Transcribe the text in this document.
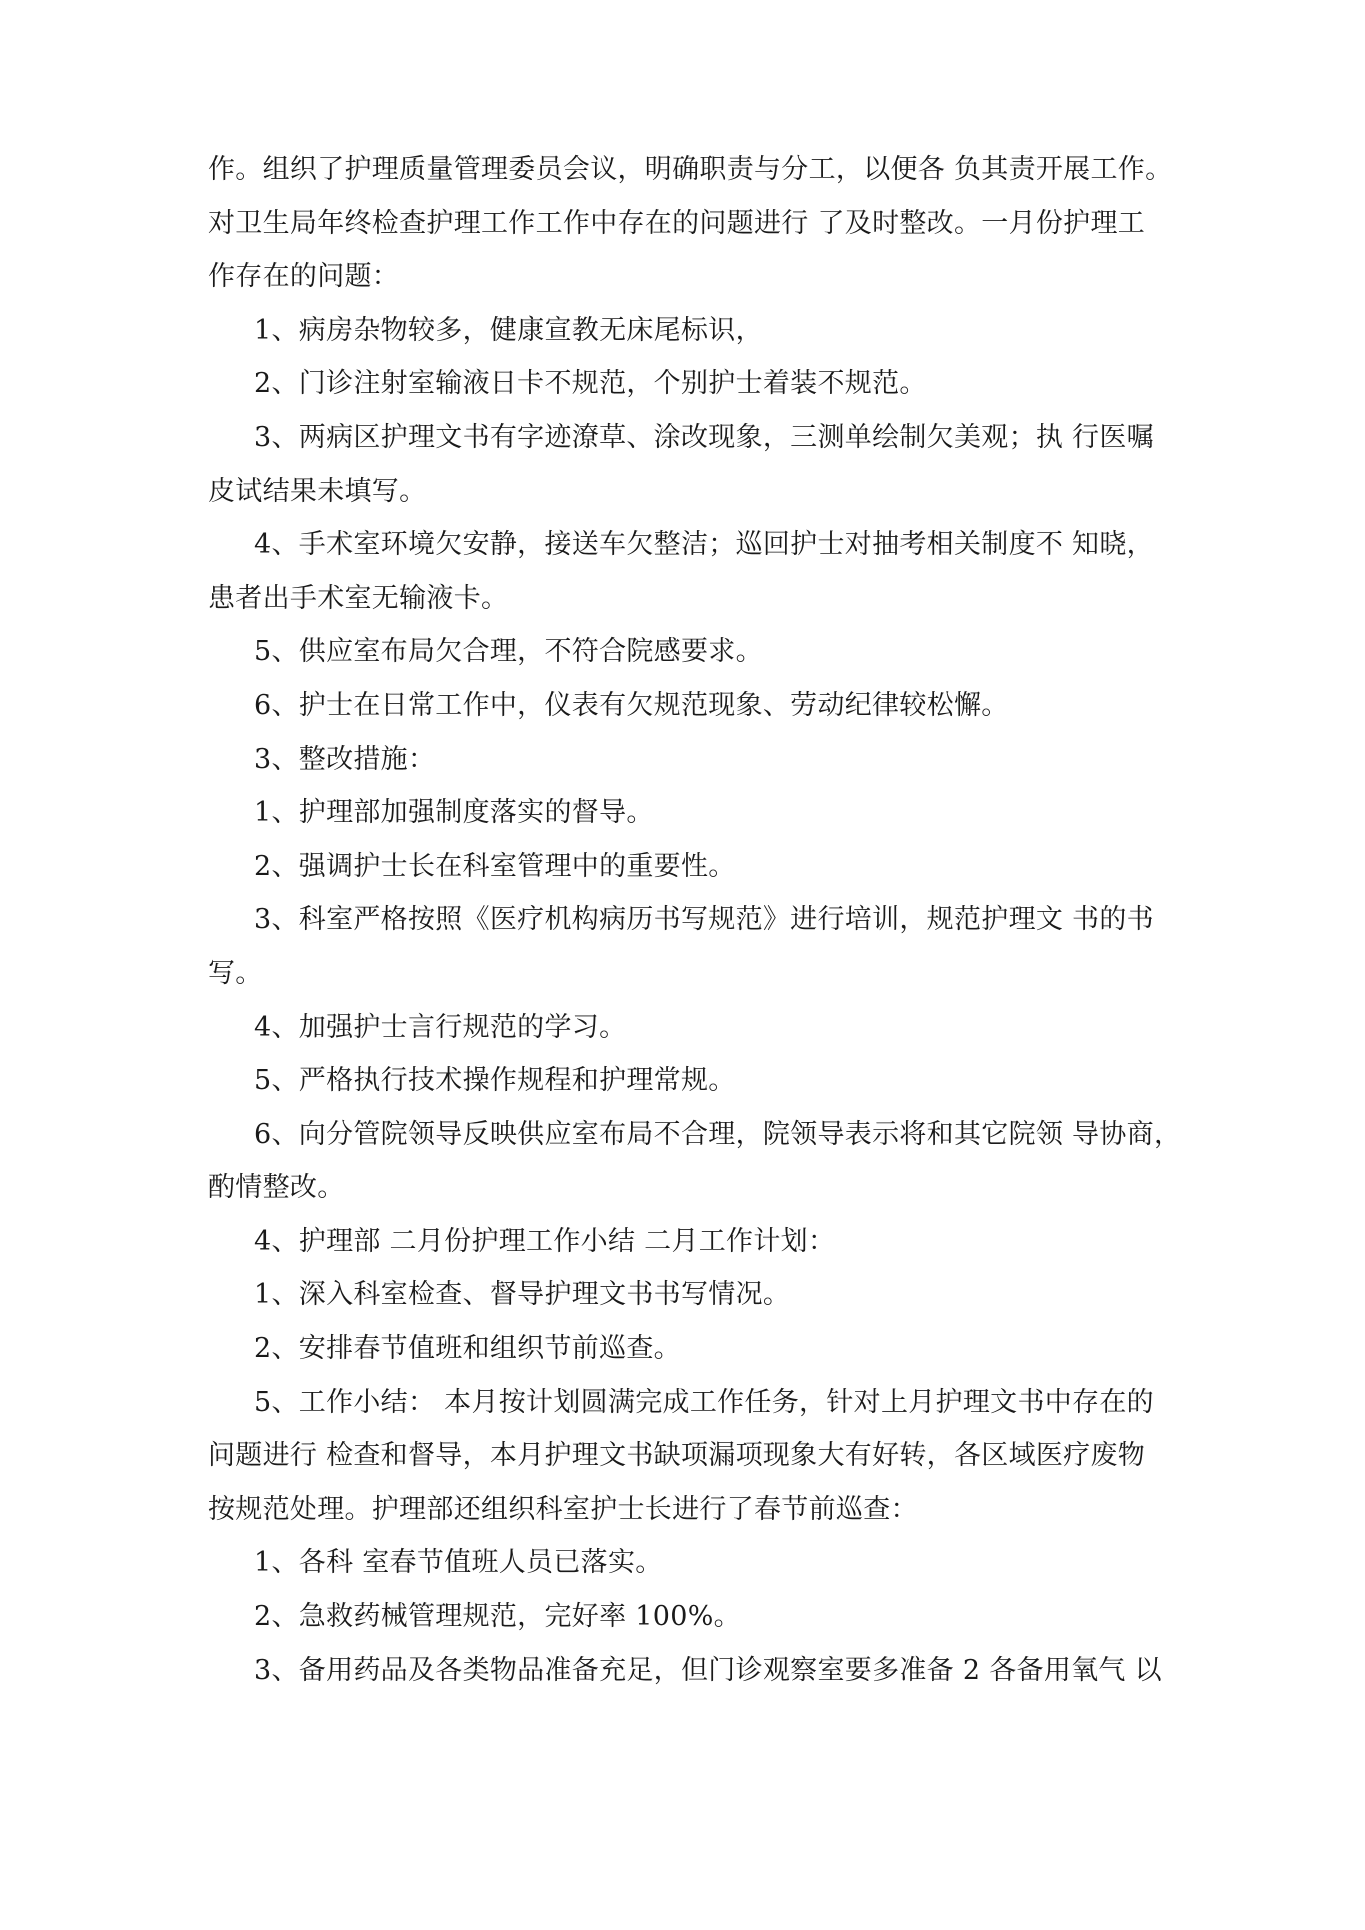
作。组织了护理质量管理委员会议，明确职责与分工，以便各 负其责开展工作。
对卫生局年终检查护理工作工作中存在的问题进行 了及时整改。一月份护理工
作存在的问题：
1、病房杂物较多，健康宣教无床尾标识，
2、门诊注射室输液日卡不规范，个别护士着装不规范。
3、两病区护理文书有字迹潦草、涂改现象，三测单绘制欠美观；执 行医嘱
皮试结果未填写。
4、手术室环境欠安静，接送车欠整洁；巡回护士对抽考相关制度不 知晓，
患者出手术室无输液卡。
5、供应室布局欠合理，不符合院感要求。
6、护士在日常工作中，仪表有欠规范现象、劳动纪律较松懈。
3、整改措施：
1、护理部加强制度落实的督导。
2、强调护士长在科室管理中的重要性。
3、科室严格按照《医疗机构病历书写规范》进行培训，规范护理文 书的书
写。
4、加强护士言行规范的学习。
5、严格执行技术操作规程和护理常规。
6、向分管院领导反映供应室布局不合理，院领导表示将和其它院领 导协商，
酌情整改。
4、护理部 二月份护理工作小结 二月工作计划：
1、深入科室检查、督导护理文书书写情况。
2、安排春节值班和组织节前巡查。
5、工作小结： 本月按计划圆满完成工作任务，针对上月护理文书中存在的
问题进行 检查和督导，本月护理文书缺项漏项现象大有好转，各区域医疗废物
按规范处理。护理部还组织科室护士长进行了春节前巡查：
1、各科 室春节值班人员已落实。
2、急救药械管理规范，完好率 100%。
3、备用药品及各类物品准备充足，但门诊观察室要多准备 2 各备用氧气 以
